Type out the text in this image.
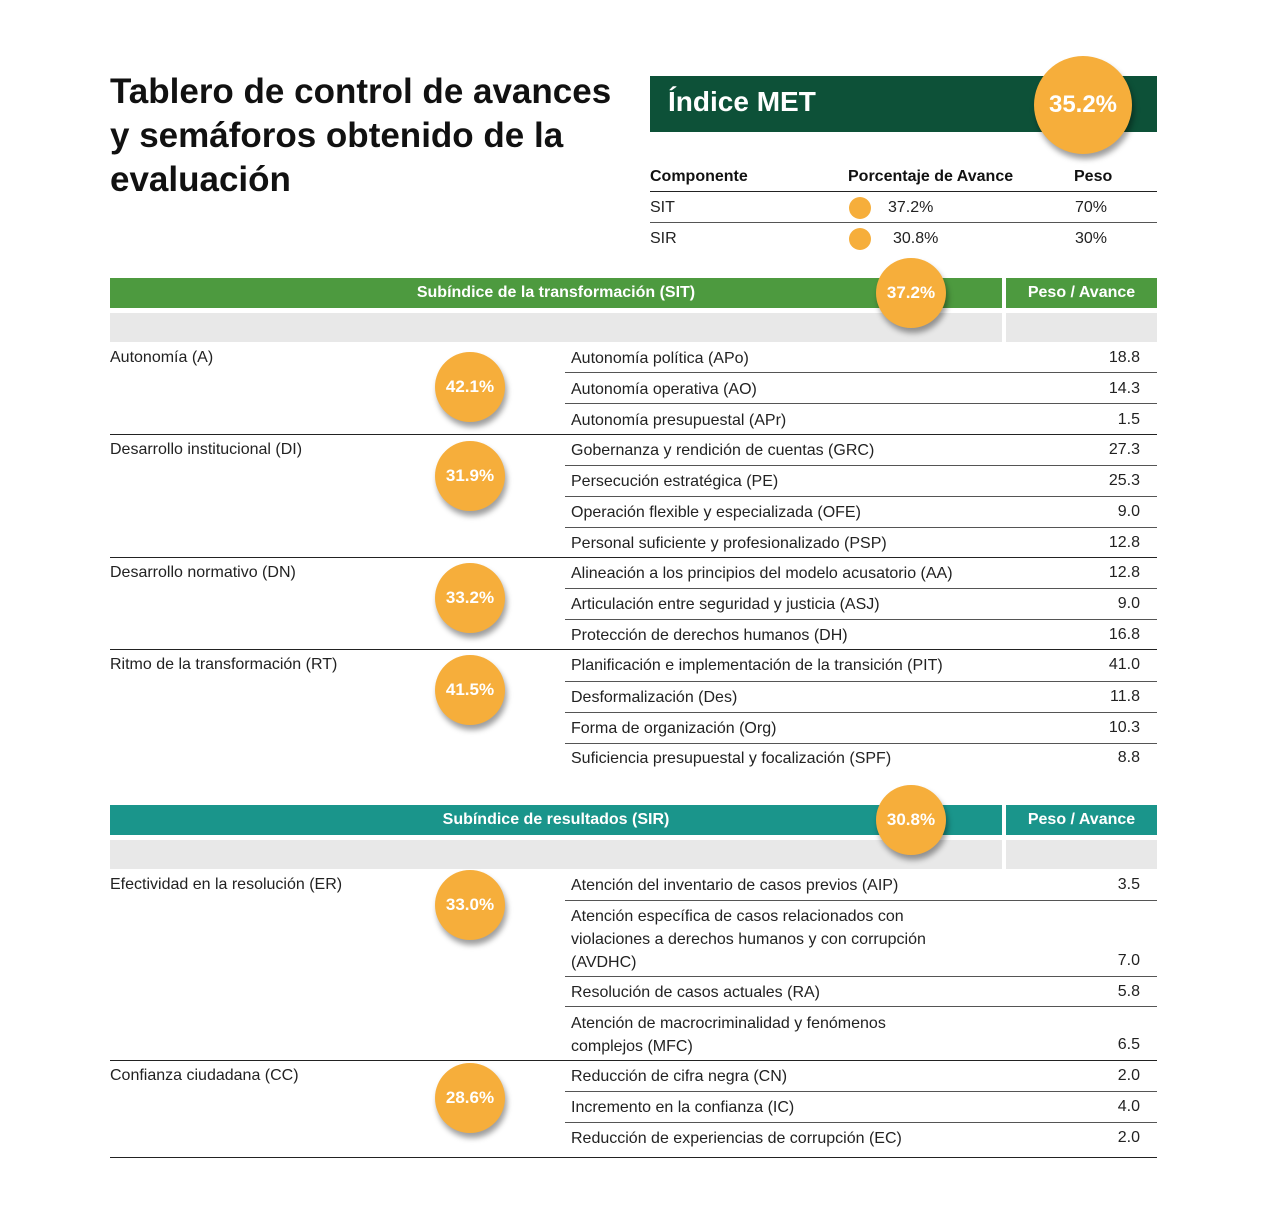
Tablero de control de avances y semáforos obtenido de la evaluación
Índice MET	35.2%
Componente	Porcentaje de Avance	Peso
SIT	37.2%	70%
SIR	30.8%	30%
Subíndice de la transformación (SIT)	Peso / Avance
37.2%
Autonomía (A)
42.1%
Autonomía política (APo)	18.8
Autonomía operativa (AO)	14.3
Autonomía presupuestal (APr)	1.5
Desarrollo institucional (DI)
31.9%
Gobernanza y rendición de cuentas (GRC)	27.3
Persecución estratégica (PE)	25.3
Operación flexible y especializada (OFE)	9.0
Personal suficiente y profesionalizado (PSP)	12.8
Desarrollo normativo (DN)
33.2%
Alineación a los principios del modelo acusatorio (AA)	12.8
Articulación entre seguridad y justicia (ASJ)	9.0
Protección de derechos humanos (DH)	16.8
Ritmo de la transformación (RT)
41.5%
Planificación e implementación de la transición (PIT)	41.0
Desformalización (Des)	11.8
Forma de organización (Org)	10.3
Suficiencia presupuestal y focalización (SPF)	8.8
Subíndice de resultados (SIR)	Peso / Avance
30.8%
Efectividad en la resolución (ER)
33.0%
Atención del inventario de casos previos (AIP)	3.5
Atención específica de casos relacionados con violaciones a derechos humanos y con corrupción (AVDHC)	7.0
Resolución de casos actuales (RA)	5.8
Atención de macrocriminalidad y fenómenos complejos (MFC)	6.5
Confianza ciudadana (CC)
28.6%
Reducción de cifra negra (CN)	2.0
Incremento en la confianza (IC)	4.0
Reducción de experiencias de corrupción (EC)	2.0
